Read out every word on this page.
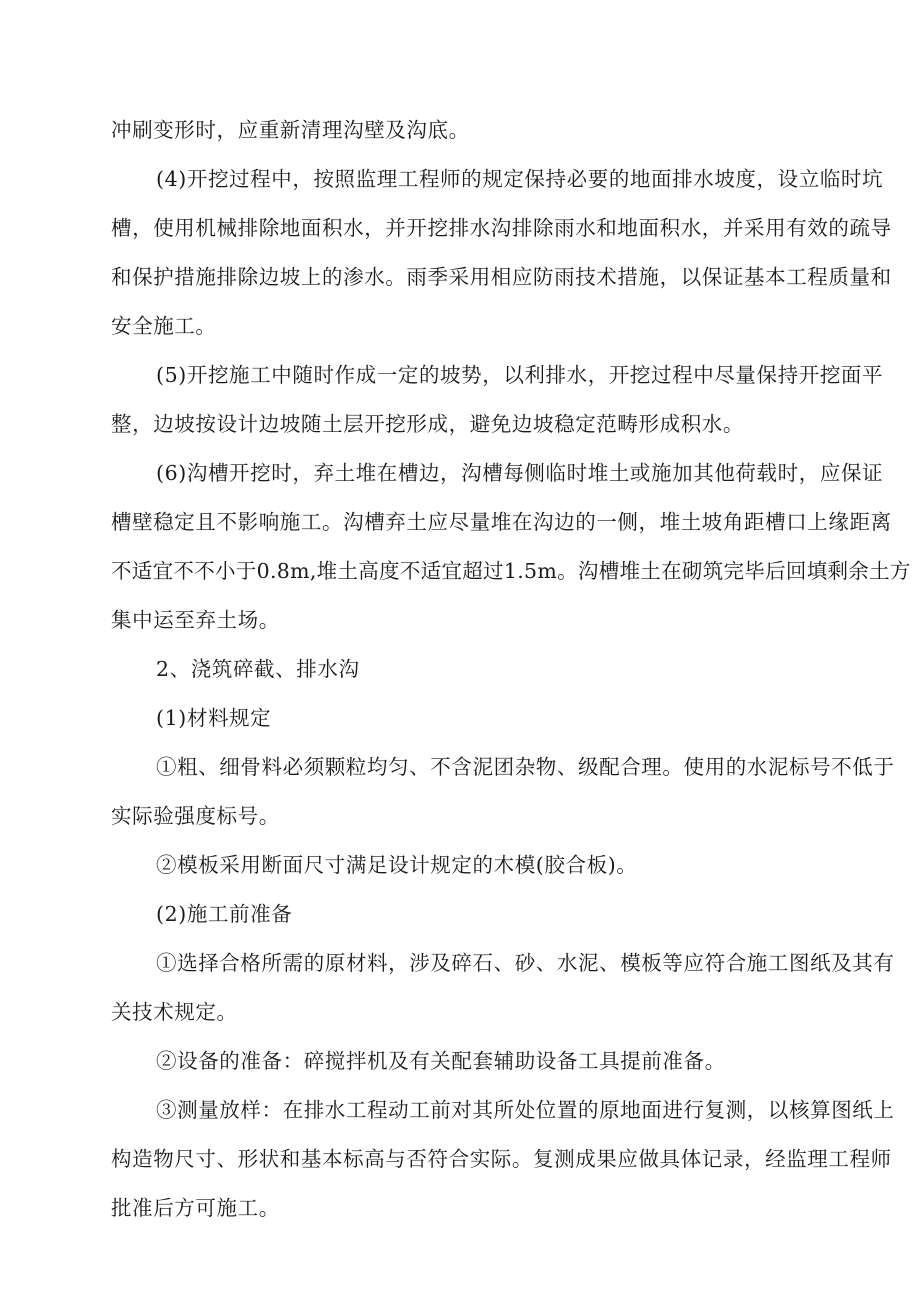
冲刷变形时，应重新清理沟壁及沟底。
(4)开挖过程中，按照监理工程师的规定保持必要的地面排水坡度，设立临时坑
槽，使用机械排除地面积水，并开挖排水沟排除雨水和地面积水，并采用有效的疏导
和保护措施排除边坡上的渗水。雨季采用相应防雨技术措施，以保证基本工程质量和
安全施工。
(5)开挖施工中随时作成一定的坡势，以利排水，开挖过程中尽量保持开挖面平
整，边坡按设计边坡随土层开挖形成，避免边坡稳定范畴形成积水。
(6)沟槽开挖时，弃土堆在槽边，沟槽每侧临时堆土或施加其他荷载时，应保证
槽壁稳定且不影响施工。沟槽弃土应尽量堆在沟边的一侧，堆土坡角距槽口上缘距离
不适宜不不小于0.8m,堆土高度不适宜超过1.5m。沟槽堆土在砌筑完毕后回填剩余土方
集中运至弃土场。
2、浇筑碎截、排水沟
(1)材料规定
①粗、细骨料必须颗粒均匀、不含泥团杂物、级配合理。使用的水泥标号不低于
实际验强度标号。
②模板采用断面尺寸满足设计规定的木模(胶合板)。
(2)施工前准备
①选择合格所需的原材料，涉及碎石、砂、水泥、模板等应符合施工图纸及其有
关技术规定。
②设备的准备：碎搅拌机及有关配套辅助设备工具提前准备。
③测量放样：在排水工程动工前对其所处位置的原地面进行复测，以核算图纸上
构造物尺寸、形状和基本标高与否符合实际。复测成果应做具体记录，经监理工程师
批准后方可施工。
